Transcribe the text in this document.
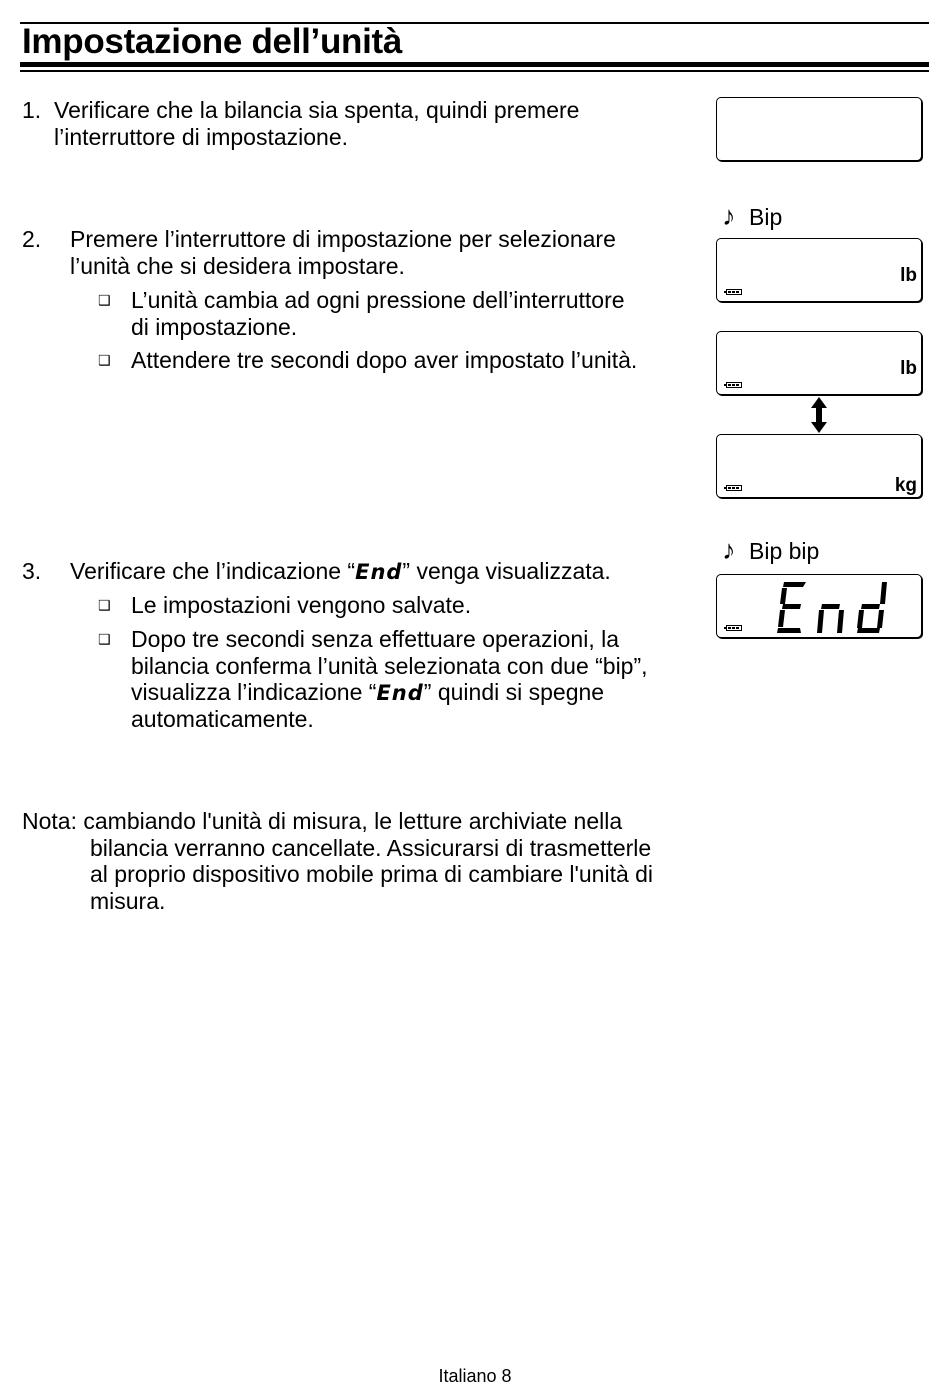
Impostazione dell’unità
1. Verificare che la bilancia sia spenta, quindi premere
l’interruttore di impostazione.
2. Premere l’interruttore di impostazione per selezionare
l’unità che si desidera impostare.
❑ L’unità cambia ad ogni pressione dell’interruttore
di impostazione.
❑ Attendere tre secondi dopo aver impostato l’unità.
♪ Bip
lb
lb
kg
3. Verificare che l’indicazione “End” venga visualizzata.
❑ Le impostazioni vengono salvate.
❑ Dopo tre secondi senza effettuare operazioni, la
bilancia conferma l’unità selezionata con due “bip”,
visualizza l’indicazione “End” quindi si spegne
automaticamente.
♪ Bip bip
Nota: cambiando l'unità di misura, le letture archiviate nella
bilancia verranno cancellate. Assicurarsi di trasmetterle
al proprio dispositivo mobile prima di cambiare l'unità di
misura.
Italiano 8
